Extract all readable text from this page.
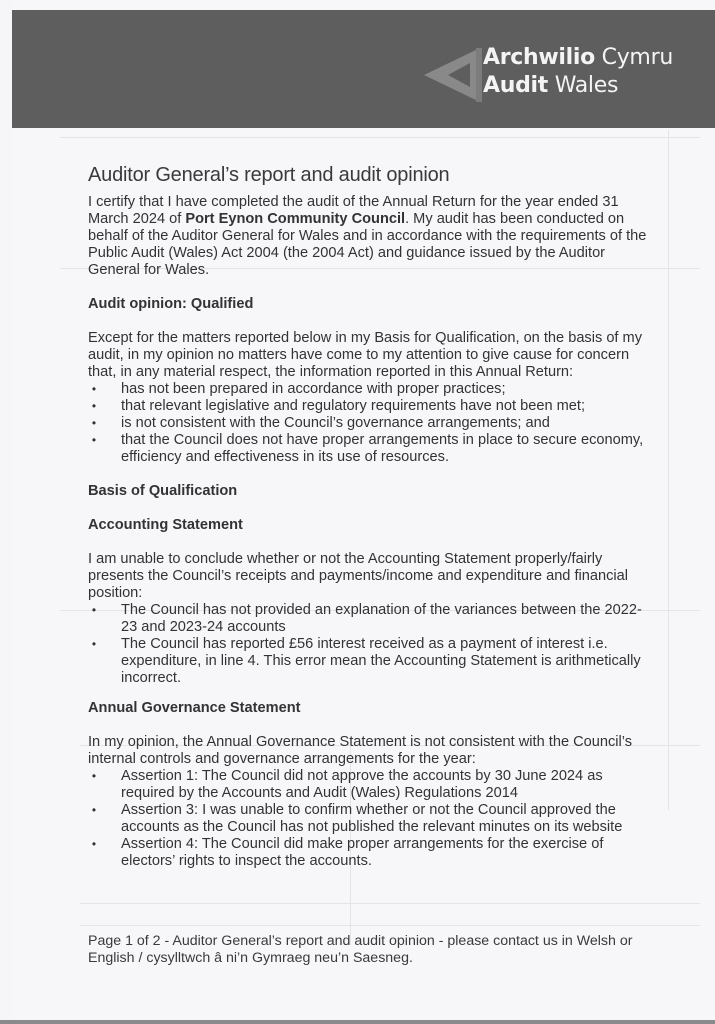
Archwilio Cymru
Audit Wales
Auditor General’s report and audit opinion

I certify that I have completed the audit of the Annual Return for the year ended 31 March 2024 of Port Eynon Community Council. My audit has been conducted on behalf of the Auditor General for Wales and in accordance with the requirements of the Public Audit (Wales) Act 2004 (the 2004 Act) and guidance issued by the Auditor General for Wales.

Audit opinion: Qualified

Except for the matters reported below in my Basis for Qualification, on the basis of my audit, in my opinion no matters have come to my attention to give cause for concern that, in any material respect, the information reported in this Annual Return:

• has not been prepared in accordance with proper practices;
• that relevant legislative and regulatory requirements have not been met;
• is not consistent with the Council’s governance arrangements; and
• that the Council does not have proper arrangements in place to secure economy, efficiency and effectiveness in its use of resources.
Basis of Qualification
Accounting Statement

I am unable to conclude whether or not the Accounting Statement properly/fairly presents the Council’s receipts and payments/income and expenditure and financial position:

• The Council has not provided an explanation of the variances between the 2022-23 and 2023-24 accounts
• The Council has reported £56 interest received as a payment of interest i.e. expenditure, in line 4. This error mean the Accounting Statement is arithmetically incorrect.
Annual Governance Statement

In my opinion, the Annual Governance Statement is not consistent with the Council’s internal controls and governance arrangements for the year:

• Assertion 1: The Council did not approve the accounts by 30 June 2024 as required by the Accounts and Audit (Wales) Regulations 2014
• Assertion 3: I was unable to confirm whether or not the Council approved the accounts as the Council has not published the relevant minutes on its website
• Assertion 4: The Council did make proper arrangements for the exercise of electors’ rights to inspect the accounts.
Page 1 of 2 - Auditor General’s report and audit opinion - please contact us in Welsh or English / cysylltwch â ni’n Gymraeg neu’n Saesneg.
